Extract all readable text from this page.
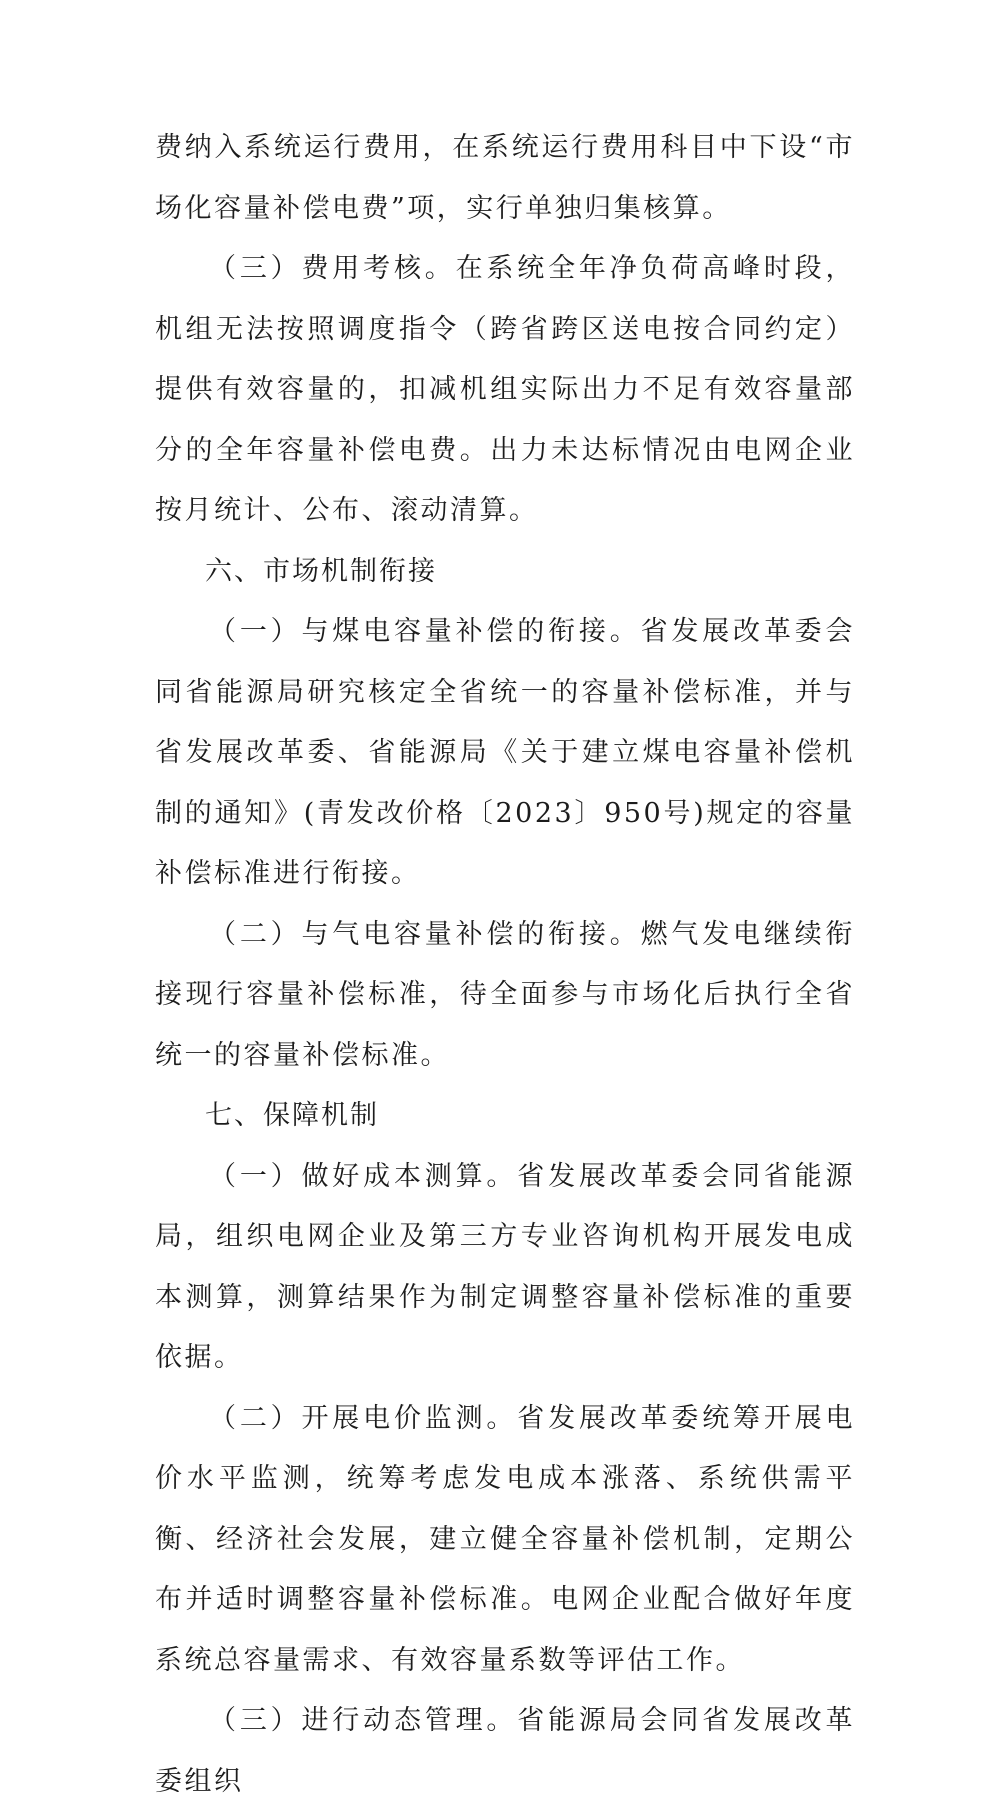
费纳入系统运行费用，在系统运行费用科目中下设“市场化容量补偿电费”项，实行单独归集核算。

（三）费用考核。在系统全年净负荷高峰时段，机组无法按照调度指令（跨省跨区送电按合同约定）提供有效容量的，扣减机组实际出力不足有效容量部分的全年容量补偿电费。出力未达标情况由电网企业按月统计、公布、滚动清算。

六、市场机制衔接

（一）与煤电容量补偿的衔接。省发展改革委会同省能源局研究核定全省统一的容量补偿标准，并与省发展改革委、省能源局《关于建立煤电容量补偿机制的通知》(青发改价格〔2023〕950号)规定的容量补偿标准进行衔接。

（二）与气电容量补偿的衔接。燃气发电继续衔接现行容量补偿标准，待全面参与市场化后执行全省统一的容量补偿标准。

七、保障机制

（一）做好成本测算。省发展改革委会同省能源局，组织电网企业及第三方专业咨询机构开展发电成本测算，测算结果作为制定调整容量补偿标准的重要依据。

（二）开展电价监测。省发展改革委统筹开展电价水平监测，统筹考虑发电成本涨落、系统供需平衡、经济社会发展，建立健全容量补偿机制，定期公布并适时调整容量补偿标准。电网企业配合做好年度系统总容量需求、有效容量系数等评估工作。

（三）进行动态管理。省能源局会同省发展改革委组织
